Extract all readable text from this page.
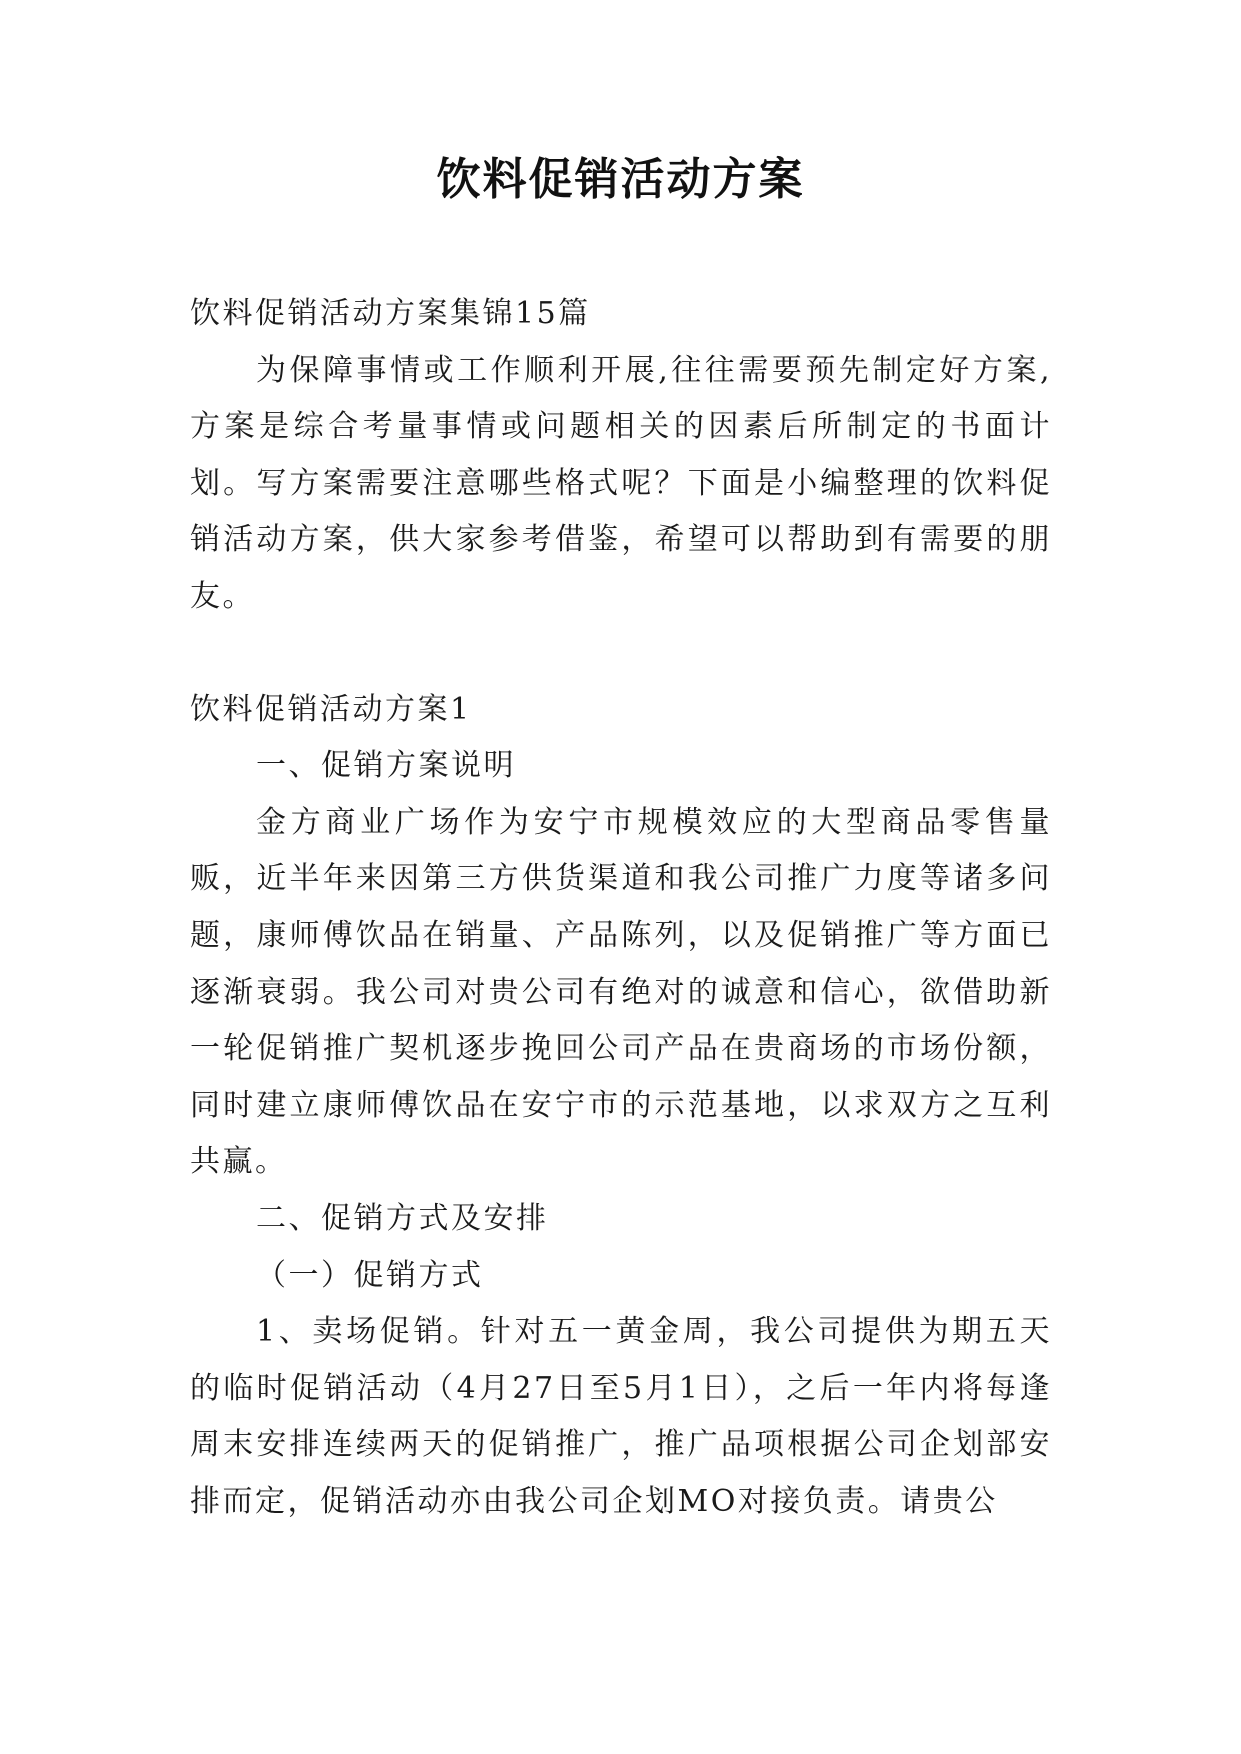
饮料促销活动方案

饮料促销活动方案集锦15篇

为保障事情或工作顺利开展,往往需要预先制定好方案,方案是综合考量事情或问题相关的因素后所制定的书面计划。写方案需要注意哪些格式呢？下面是小编整理的饮料促销活动方案，供大家参考借鉴，希望可以帮助到有需要的朋友。

饮料促销活动方案1

一、促销方案说明

金方商业广场作为安宁市规模效应的大型商品零售量贩，近半年来因第三方供货渠道和我公司推广力度等诸多问题，康师傅饮品在销量、产品陈列，以及促销推广等方面已逐渐衰弱。我公司对贵公司有绝对的诚意和信心，欲借助新一轮促销推广契机逐步挽回公司产品在贵商场的市场份额，同时建立康师傅饮品在安宁市的示范基地，以求双方之互利共赢。

二、促销方式及安排

（一）促销方式

1、卖场促销。针对五一黄金周，我公司提供为期五天的临时促销活动（4月27日至5月1日），之后一年内将每逢周末安排连续两天的促销推广，推广品项根据公司企划部安排而定，促销活动亦由我公司企划MO对接负责。请贵公
